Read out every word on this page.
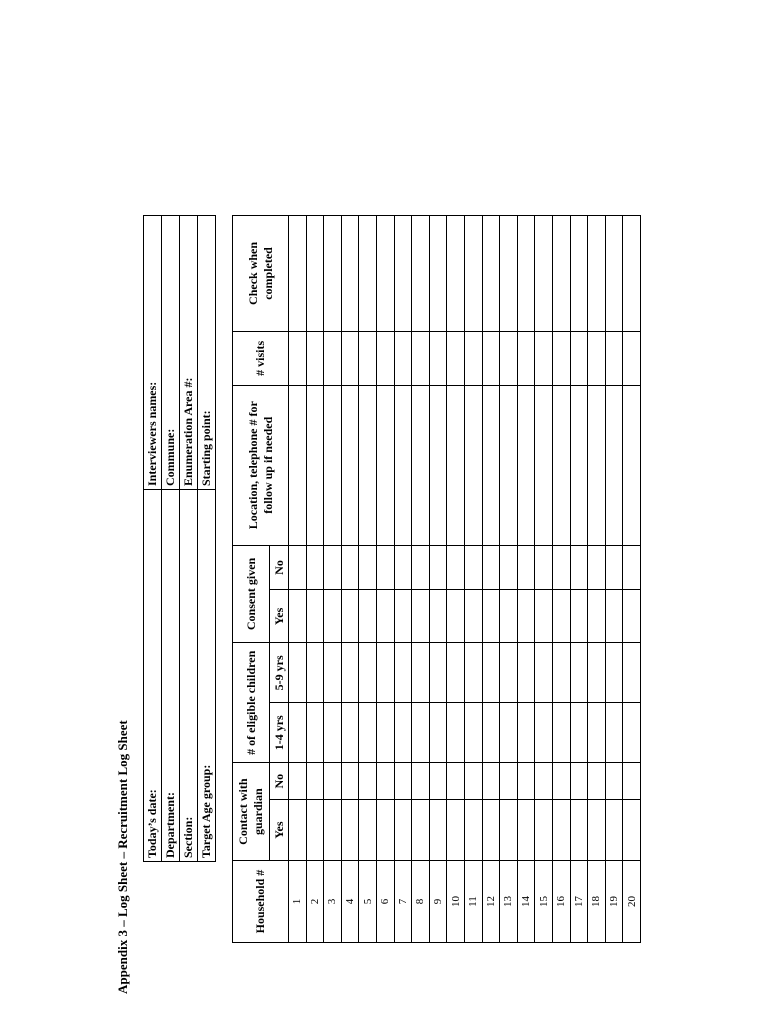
Appendix 3 – Log Sheet – Recruitment Log Sheet Today’s date:	Interviewers names:
Department:	Commune:
Section:	Enumeration Area #:
Target Age group:	Starting point:
Household #	Contact with guardian		# of eligible children		Consent given		Location, telephone # for follow up if needed	# visits	Check when completed
	Yes	No	1-4 yrs	5-9 yrs	Yes	No			
1									
2									
3									
4									
5									
6									
7									
8									
9									
10									
11									
12									
13									
14									
15									
16									
17									
18									
19									
20									
